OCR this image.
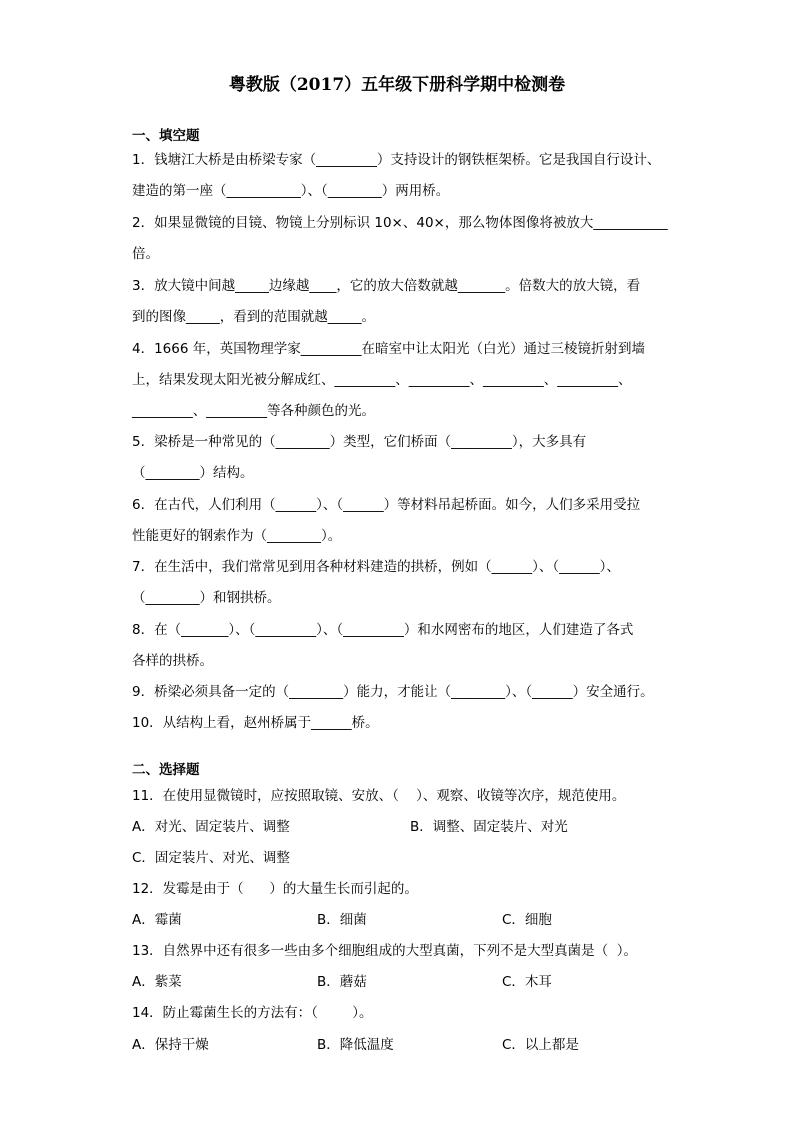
粤教版（2017）五年级下册科学期中检测卷
一、填空题
1．钱塘江大桥是由桥梁专家（_________）支持设计的钢铁框架桥。它是我国自行设计、
建造的第一座（___________）、（________）两用桥。
2．如果显微镜的目镜、物镜上分别标识 10×、40×，那么物体图像将被放大___________
倍。
3．放大镜中间越_____边缘越____，它的放大倍数就越_______。倍数大的放大镜，看
到的图像_____，看到的范围就越_____。
4．1666 年，英国物理学家_________在暗室中让太阳光（白光）通过三棱镜折射到墙
上，结果发现太阳光被分解成红、_________、_________、_________、_________、
_________、_________等各种颜色的光。
5．梁桥是一种常见的（________）类型，它们桥面（_________），大多具有
（________）结构。
6．在古代，人们利用（______）、（______）等材料吊起桥面。如今，人们多采用受拉
性能更好的钢索作为（________）。
7．在生活中，我们常常见到用各种材料建造的拱桥，例如（______）、（______）、
（________）和钢拱桥。
8．在（_______）、（_________）、（_________）和水网密布的地区，人们建造了各式
各样的拱桥。
9．桥梁必须具备一定的（________）能力，才能让（________）、（______）安全通行。
10．从结构上看，赵州桥属于______桥。
二、选择题
11．在使用显微镜时，应按照取镜、安放、（    ）、观察、收镜等次序，规范使用。
A．对光、固定装片、调整	B．调整、固定装片、对光
C．固定装片、对光、调整
12．发霉是由于（      ）的大量生长而引起的。
A．霉菌	B．细菌	C．细胞
13．自然界中还有很多一些由多个细胞组成的大型真菌，下列不是大型真菌是（  ）。
A．紫菜	B．蘑菇	C．木耳
14．防止霉菌生长的方法有：（        ）。
A．保持干燥	B．降低温度	C．以上都是
